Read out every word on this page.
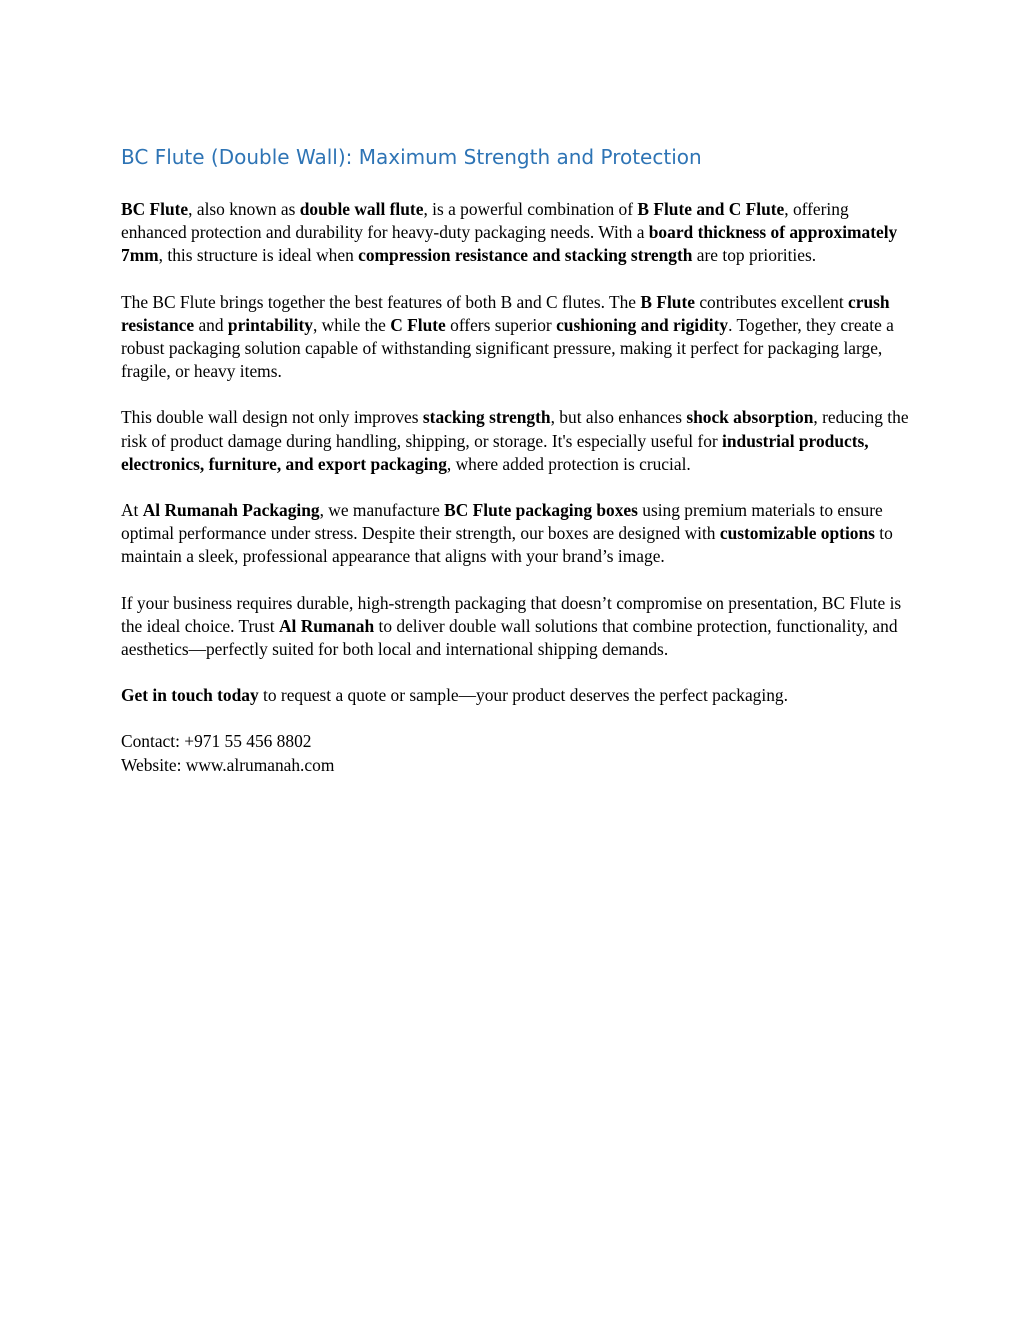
BC Flute (Double Wall): Maximum Strength and Protection

BC Flute, also known as double wall flute, is a powerful combination of B Flute and C Flute, offering enhanced protection and durability for heavy-duty packaging needs. With a board thickness of approximately 7mm, this structure is ideal when compression resistance and stacking strength are top priorities.

The BC Flute brings together the best features of both B and C flutes. The B Flute contributes excellent crush resistance and printability, while the C Flute offers superior cushioning and rigidity. Together, they create a robust packaging solution capable of withstanding significant pressure, making it perfect for packaging large, fragile, or heavy items.

This double wall design not only improves stacking strength, but also enhances shock absorption, reducing the risk of product damage during handling, shipping, or storage. It's especially useful for industrial products, electronics, furniture, and export packaging, where added protection is crucial.

At Al Rumanah Packaging, we manufacture BC Flute packaging boxes using premium materials to ensure optimal performance under stress. Despite their strength, our boxes are designed with customizable options to maintain a sleek, professional appearance that aligns with your brand’s image.

If your business requires durable, high-strength packaging that doesn’t compromise on presentation, BC Flute is the ideal choice. Trust Al Rumanah to deliver double wall solutions that combine protection, functionality, and aesthetics—perfectly suited for both local and international shipping demands.

Get in touch today to request a quote or sample—your product deserves the perfect packaging.

Contact: +971 55 456 8802
Website: www.alrumanah.com
